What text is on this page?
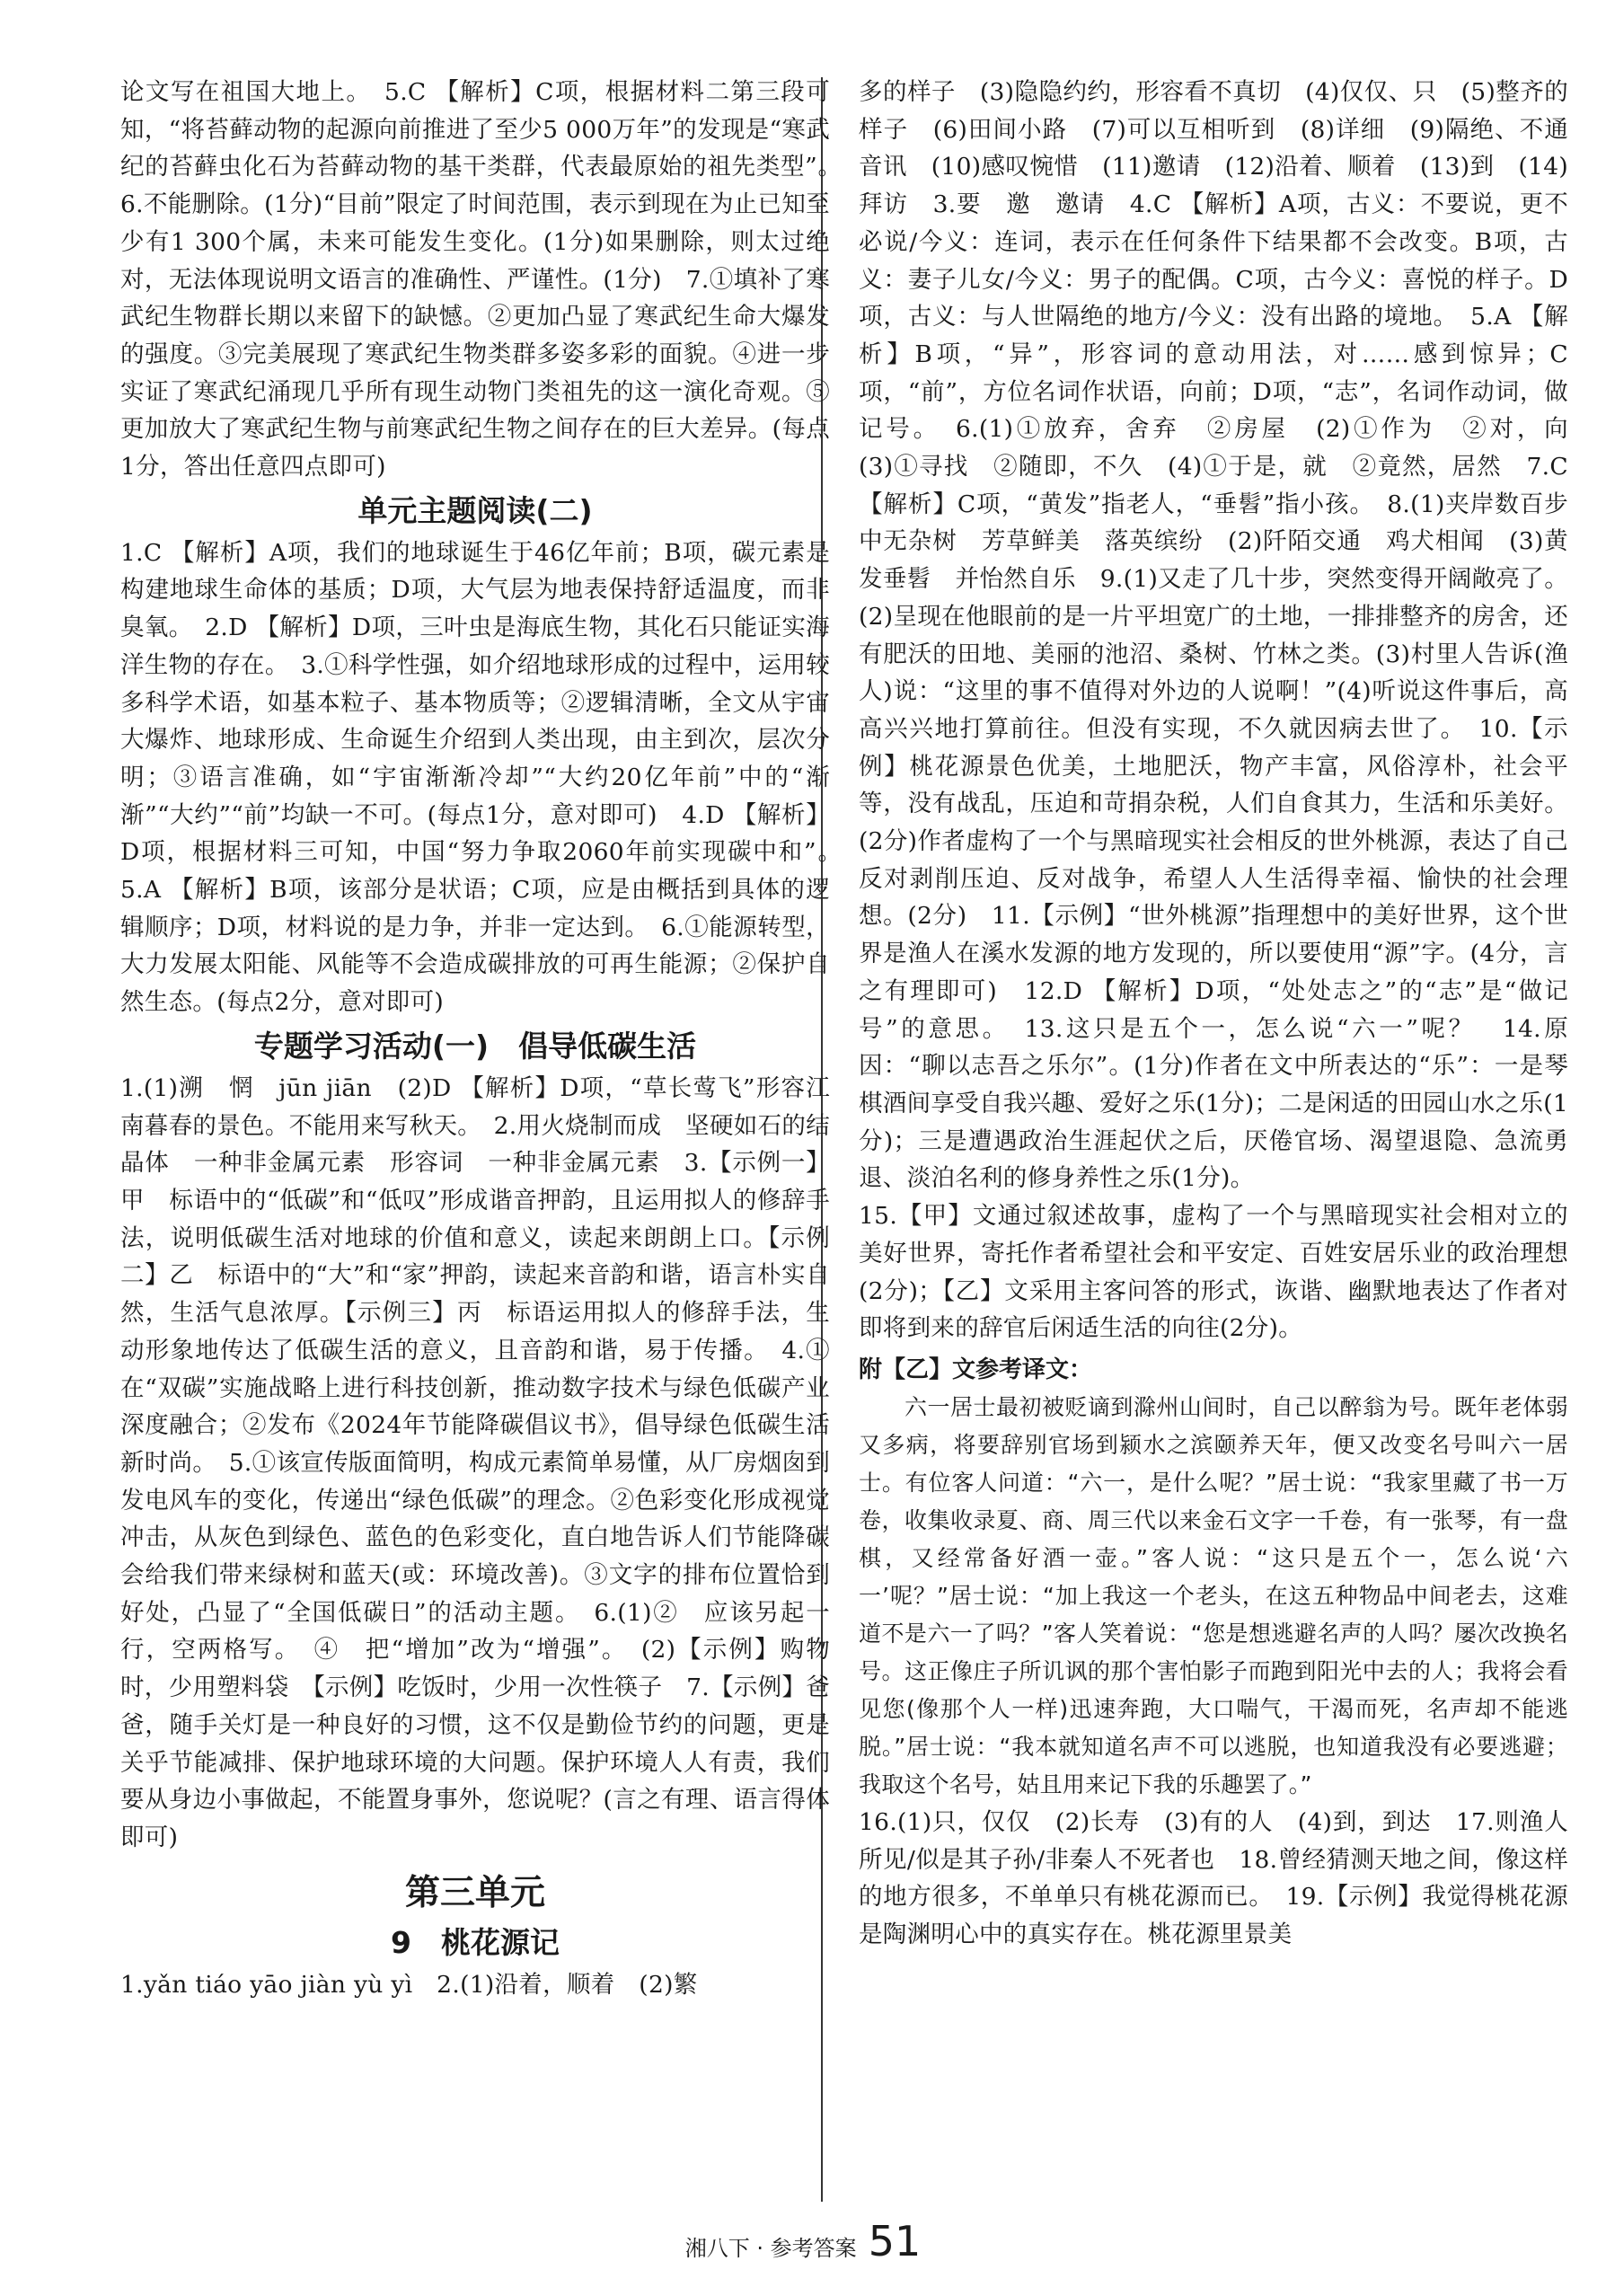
论文写在祖国大地上。　5.C 【解析】C项，根据材料二第三段可知，“将苔藓动物的起源向前推进了至少5 000万年”的发现是“寒武纪的苔藓虫化石为苔藓动物的基干类群，代表最原始的祖先类型”。　6.不能删除。(1分)“目前”限定了时间范围，表示到现在为止已知至少有1 300个属，未来可能发生变化。(1分)如果删除，则太过绝对，无法体现说明文语言的准确性、严谨性。(1分)　7.①填补了寒武纪生物群长期以来留下的缺憾。②更加凸显了寒武纪生命大爆发的强度。③完美展现了寒武纪生物类群多姿多彩的面貌。④进一步实证了寒武纪涌现几乎所有现生动物门类祖先的这一演化奇观。⑤更加放大了寒武纪生物与前寒武纪生物之间存在的巨大差异。(每点1分，答出任意四点即可)

单元主题阅读(二)

1.C 【解析】A项，我们的地球诞生于46亿年前；B项，碳元素是构建地球生命体的基质；D项，大气层为地表保持舒适温度，而非臭氧。　2.D 【解析】D项，三叶虫是海底生物，其化石只能证实海洋生物的存在。　3.①科学性强，如介绍地球形成的过程中，运用较多科学术语，如基本粒子、基本物质等；②逻辑清晰，全文从宇宙大爆炸、地球形成、生命诞生介绍到人类出现，由主到次，层次分明；③语言准确，如“宇宙渐渐冷却”“大约20亿年前”中的“渐渐”“大约”“前”均缺一不可。(每点1分，意对即可)　4.D 【解析】D项，根据材料三可知，中国“努力争取2060年前实现碳中和”。　5.A 【解析】B项，该部分是状语；C项，应是由概括到具体的逻辑顺序；D项，材料说的是力争，并非一定达到。　6.①能源转型，大力发展太阳能、风能等不会造成碳排放的可再生能源；②保护自然生态。(每点2分，意对即可)

专题学习活动(一)　倡导低碳生活

1.(1)溯　惘　jūn jiān　(2)D 【解析】D项，“草长莺飞”形容江南暮春的景色。不能用来写秋天。　2.用火烧制而成　坚硬如石的结晶体　一种非金属元素　形容词　一种非金属元素　3.【示例一】甲　标语中的“低碳”和“低叹”形成谐音押韵，且运用拟人的修辞手法，说明低碳生活对地球的价值和意义，读起来朗朗上口。【示例二】乙　标语中的“大”和“家”押韵，读起来音韵和谐，语言朴实自然，生活气息浓厚。【示例三】丙　标语运用拟人的修辞手法，生动形象地传达了低碳生活的意义，且音韵和谐，易于传播。　4.①在“双碳”实施战略上进行科技创新，推动数字技术与绿色低碳产业深度融合；②发布《2024年节能降碳倡议书》，倡导绿色低碳生活新时尚。　5.①该宣传版面简明，构成元素简单易懂，从厂房烟囱到发电风车的变化，传递出“绿色低碳”的理念。②色彩变化形成视觉冲击，从灰色到绿色、蓝色的色彩变化，直白地告诉人们节能降碳会给我们带来绿树和蓝天(或：环境改善)。③文字的排布位置恰到好处，凸显了“全国低碳日”的活动主题。　6.(1)②　应该另起一行，空两格写。　④　把“增加”改为“增强”。　(2)【示例】购物时，少用塑料袋　【示例】吃饭时，少用一次性筷子　7.【示例】爸爸，随手关灯是一种良好的习惯，这不仅是勤俭节约的问题，更是关乎节能减排、保护地球环境的大问题。保护环境人人有责，我们要从身边小事做起，不能置身事外，您说呢？(言之有理、语言得体即可)

第三单元
9　桃花源记

1.yǎn tiáo yāo jiàn yù yì　2.(1)沿着，顺着　(2)繁

多的样子　(3)隐隐约约，形容看不真切　(4)仅仅、只　(5)整齐的样子　(6)田间小路　(7)可以互相听到　(8)详细　(9)隔绝、不通音讯　(10)感叹惋惜　(11)邀请　(12)沿着、顺着　(13)到　(14)拜访　3.要　邀　邀请　4.C 【解析】A项，古义：不要说，更不必说/今义：连词，表示在任何条件下结果都不会改变。B项，古义：妻子儿女/今义：男子的配偶。C项，古今义：喜悦的样子。D项，古义：与人世隔绝的地方/今义：没有出路的境地。　5.A 【解析】B项，“异”，形容词的意动用法，对……感到惊异；C项，“前”，方位名词作状语，向前；D项，“志”，名词作动词，做记号。　6.(1)①放弃，舍弃　②房屋　(2)①作为　②对，向　(3)①寻找　②随即，不久　(4)①于是，就　②竟然，居然　7.C 【解析】C项，“黄发”指老人，“垂髫”指小孩。　8.(1)夹岸数百步　中无杂树　芳草鲜美　落英缤纷　(2)阡陌交通　鸡犬相闻　(3)黄发垂髫　并怡然自乐　9.(1)又走了几十步，突然变得开阔敞亮了。(2)呈现在他眼前的是一片平坦宽广的土地，一排排整齐的房舍，还有肥沃的田地、美丽的池沼、桑树、竹林之类。(3)村里人告诉(渔人)说：“这里的事不值得对外边的人说啊！”(4)听说这件事后，高高兴兴地打算前往。但没有实现，不久就因病去世了。　10.【示例】桃花源景色优美，土地肥沃，物产丰富，风俗淳朴，社会平等，没有战乱，压迫和苛捐杂税，人们自食其力，生活和乐美好。(2分)作者虚构了一个与黑暗现实社会相反的世外桃源，表达了自己反对剥削压迫、反对战争，希望人人生活得幸福、愉快的社会理想。(2分)　11.【示例】“世外桃源”指理想中的美好世界，这个世界是渔人在溪水发源的地方发现的，所以要使用“源”字。(4分，言之有理即可)　12.D 【解析】D项，“处处志之”的“志”是“做记号”的意思。　13.这只是五个一，怎么说“六一”呢？　14.原因：“聊以志吾之乐尔”。(1分)作者在文中所表达的“乐”：一是琴棋酒间享受自我兴趣、爱好之乐(1分)；二是闲适的田园山水之乐(1分)；三是遭遇政治生涯起伏之后，厌倦官场、渴望退隐、急流勇退、淡泊名利的修身养性之乐(1分)。

15.【甲】文通过叙述故事，虚构了一个与黑暗现实社会相对立的美好世界，寄托作者希望社会和平安定、百姓安居乐业的政治理想(2分)；【乙】文采用主客问答的形式，诙谐、幽默地表达了作者对即将到来的辞官后闲适生活的向往(2分)。

附【乙】文参考译文：

　　六一居士最初被贬谪到滁州山间时，自己以醉翁为号。既年老体弱又多病，将要辞别官场到颍水之滨颐养天年，便又改变名号叫六一居士。有位客人问道：“六一，是什么呢？”居士说：“我家里藏了书一万卷，收集收录夏、商、周三代以来金石文字一千卷，有一张琴，有一盘棋，又经常备好酒一壶。”客人说：“这只是五个一，怎么说‘六一’呢？”居士说：“加上我这一个老头，在这五种物品中间老去，这难道不是六一了吗？”客人笑着说：“您是想逃避名声的人吗？屡次改换名号。这正像庄子所讥讽的那个害怕影子而跑到阳光中去的人；我将会看见您(像那个人一样)迅速奔跑，大口喘气，干渴而死，名声却不能逃脱。”居士说：“我本就知道名声不可以逃脱，也知道我没有必要逃避；我取这个名号，姑且用来记下我的乐趣罢了。”

16.(1)只，仅仅　(2)长寿　(3)有的人　(4)到，到达　17.则渔人所见/似是其子孙/非秦人不死者也　18.曾经猜测天地之间，像这样的地方很多，不单单只有桃花源而已。　19.【示例】我觉得桃花源是陶渊明心中的真实存在。桃花源里景美

湘八下 · 参考答案 51
